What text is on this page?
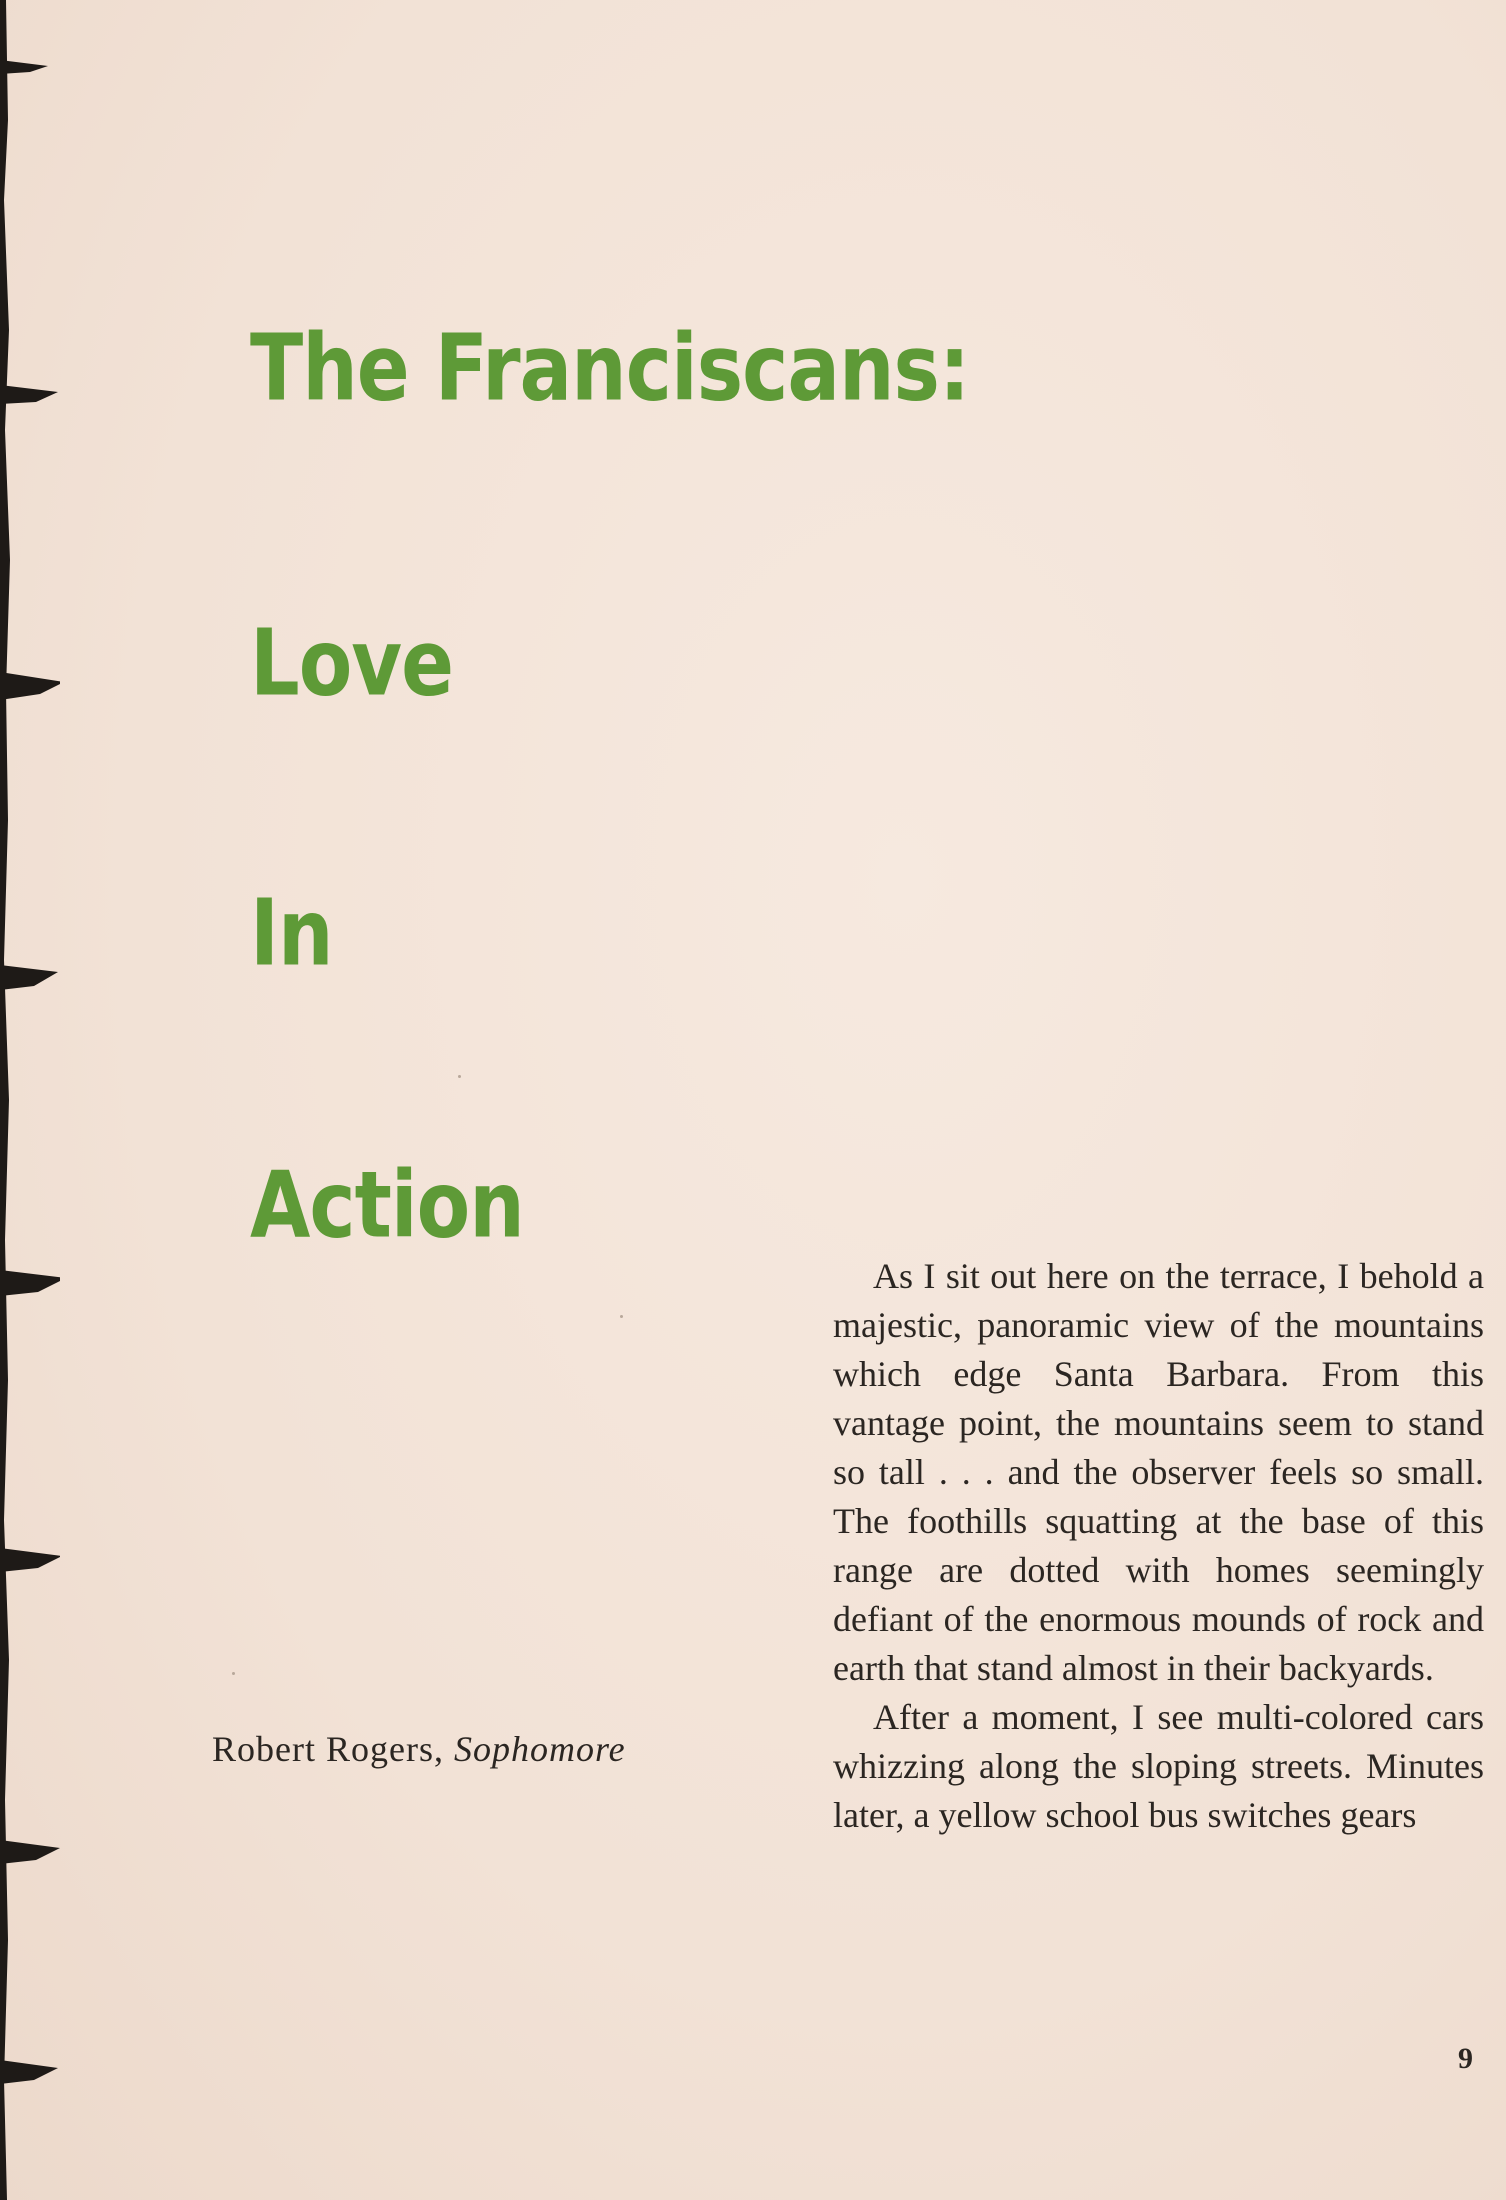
The Franciscans:
Love
In
Action
Robert Rogers, Sophomore

As I sit out here on the terrace, I behold a majestic, panoramic view of the mountains which edge Santa Barbara. From this vantage point, the mountains seem to stand so tall . . . and the observer feels so small. The foothills squatting at the base of this range are dotted with homes seemingly defiant of the enormous mounds of rock and earth that stand almost in their backyards.

After a moment, I see multi-colored cars whizzing along the sloping streets. Minutes later, a yellow school bus switches gears

9
